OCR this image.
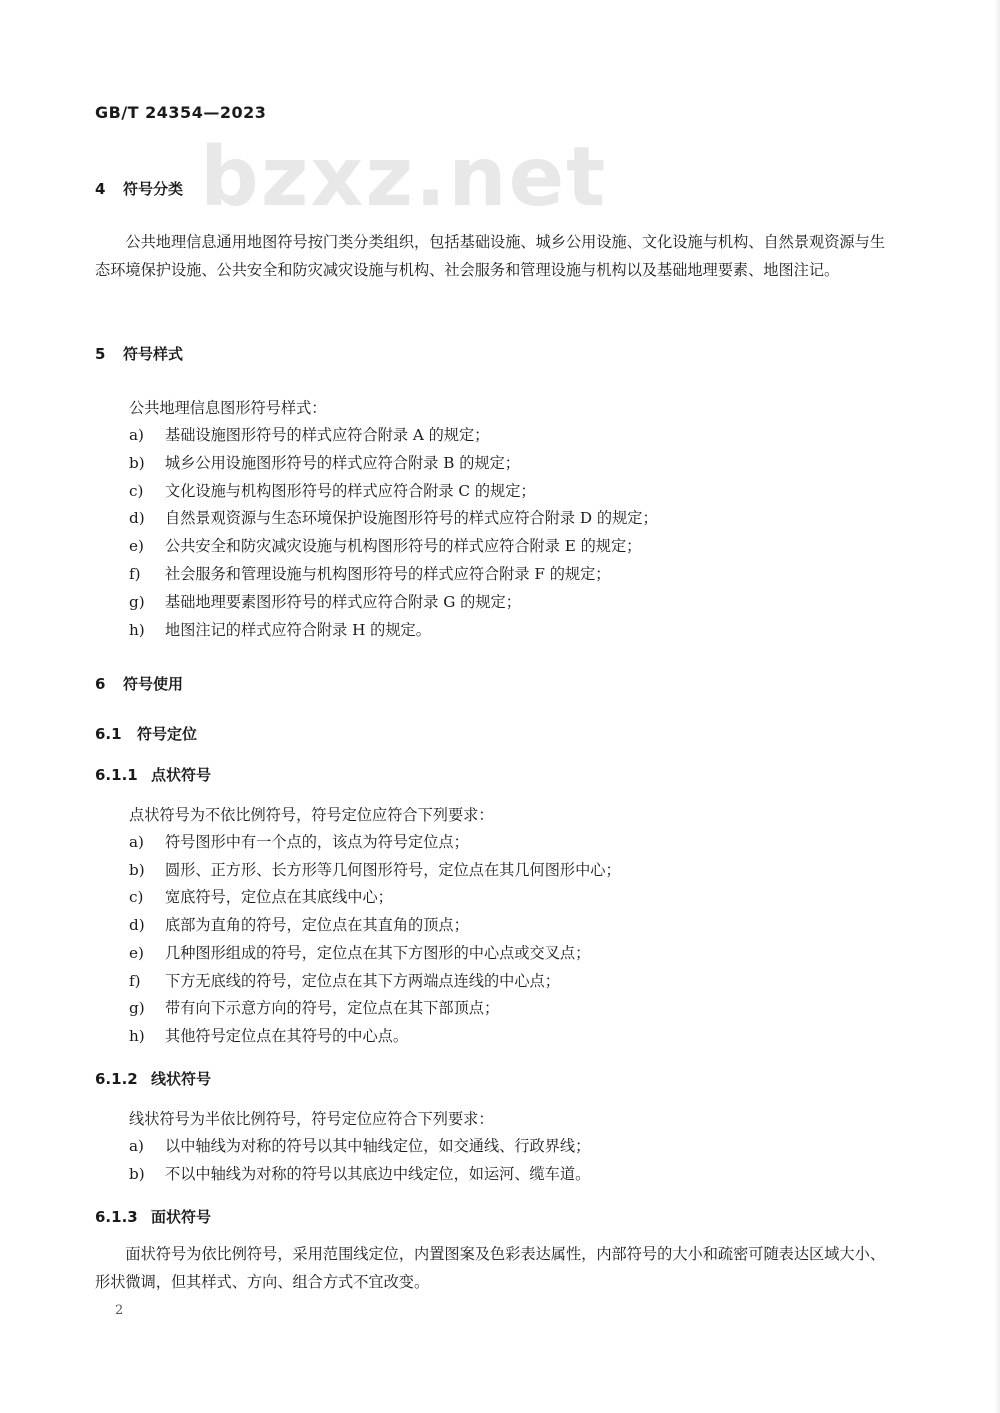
GB/T 24354—2023
bzxz.net
4 符号分类
公共地理信息通用地图符号按门类分类组织，包括基础设施、城乡公用设施、文化设施与机构、自然景观资源与生态环境保护设施、公共安全和防灾减灾设施与机构、社会服务和管理设施与机构以及基础地理要素、地图注记。
5 符号样式
公共地理信息图形符号样式：
a) 基础设施图形符号的样式应符合附录 A 的规定；
b) 城乡公用设施图形符号的样式应符合附录 B 的规定；
c) 文化设施与机构图形符号的样式应符合附录 C 的规定；
d) 自然景观资源与生态环境保护设施图形符号的样式应符合附录 D 的规定；
e) 公共安全和防灾减灾设施与机构图形符号的样式应符合附录 E 的规定；
f) 社会服务和管理设施与机构图形符号的样式应符合附录 F 的规定；
g) 基础地理要素图形符号的样式应符合附录 G 的规定；
h) 地图注记的样式应符合附录 H 的规定。
6 符号使用
6.1 符号定位
6.1.1 点状符号
点状符号为不依比例符号，符号定位应符合下列要求：
a) 符号图形中有一个点的，该点为符号定位点；
b) 圆形、正方形、长方形等几何图形符号，定位点在其几何图形中心；
c) 宽底符号，定位点在其底线中心；
d) 底部为直角的符号，定位点在其直角的顶点；
e) 几种图形组成的符号，定位点在其下方图形的中心点或交叉点；
f) 下方无底线的符号，定位点在其下方两端点连线的中心点；
g) 带有向下示意方向的符号，定位点在其下部顶点；
h) 其他符号定位点在其符号的中心点。
6.1.2 线状符号
线状符号为半依比例符号，符号定位应符合下列要求：
a) 以中轴线为对称的符号以其中轴线定位，如交通线、行政界线；
b) 不以中轴线为对称的符号以其底边中线定位，如运河、缆车道。
6.1.3 面状符号
面状符号为依比例符号，采用范围线定位，内置图案及色彩表达属性，内部符号的大小和疏密可随表达区域大小、形状微调，但其样式、方向、组合方式不宜改变。
2
